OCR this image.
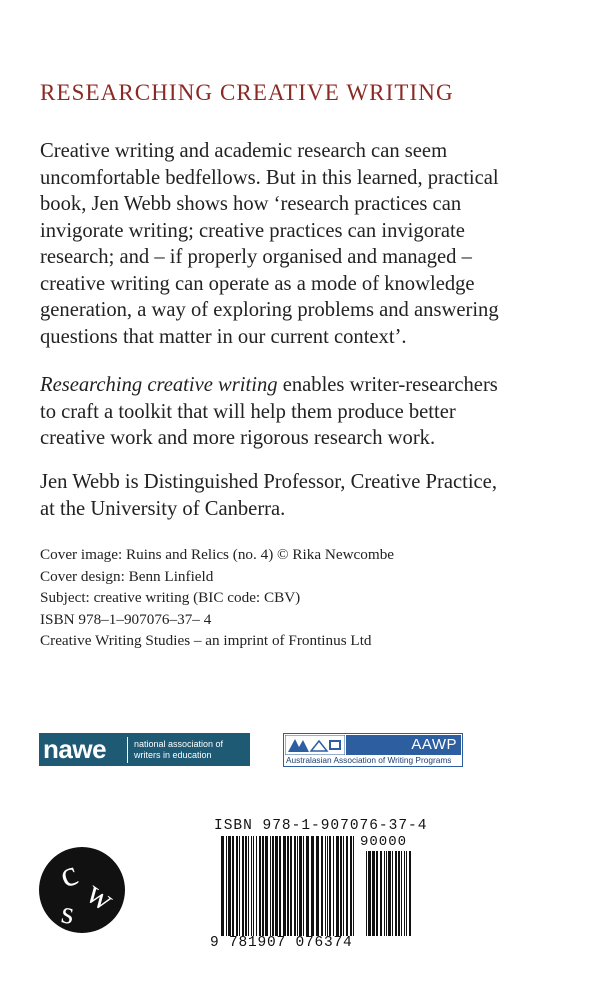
RESEARCHING CREATIVE WRITING

Creative writing and academic research can seem
uncomfortable bedfellows. But in this learned, practical
book, Jen Webb shows how ‘research practices can
invigorate writing; creative practices can invigorate
research; and – if properly organised and managed –
creative writing can operate as a mode of knowledge
generation, a way of exploring problems and answering
questions that matter in our current context’.

Researching creative writing enables writer-researchers
to craft a toolkit that will help them produce better
creative work and more rigorous research work.

Jen Webb is Distinguished Professor, Creative Practice,
at the University of Canberra.

Cover image: Ruins and Relics (no. 4) © Rika Newcombe
Cover design: Benn Linfield
Subject: creative writing (BIC code: CBV)
ISBN 978–1–907076–37– 4
Creative Writing Studies – an imprint of Frontinus Ltd

nawe	national association of
writers in education
AAWP
Australasian Association of Writing Programs
c
w
s
ISBN 978-1-907076-37-4
90000
9 781907 076374
